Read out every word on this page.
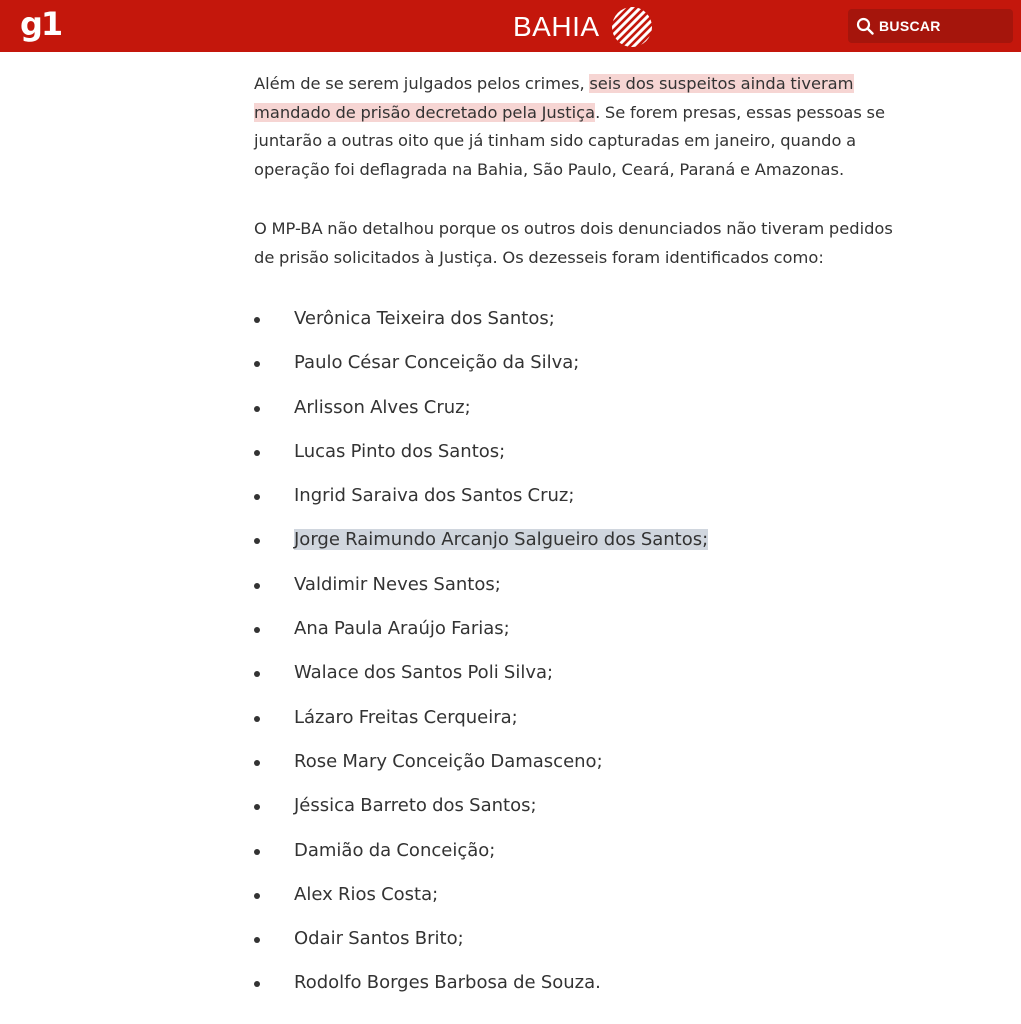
g1	BAHIA	BUSCAR

Além de se serem julgados pelos crimes, seis dos suspeitos ainda tiveram mandado de prisão decretado pela Justiça. Se forem presas, essas pessoas se juntarão a outras oito que já tinham sido capturadas em janeiro, quando a operação foi deflagrada na Bahia, São Paulo, Ceará, Paraná e Amazonas.

O MP-BA não detalhou porque os outros dois denunciados não tiveram pedidos de prisão solicitados à Justiça. Os dezesseis foram identificados como:

Verônica Teixeira dos Santos;
Paulo César Conceição da Silva;
Arlisson Alves Cruz;
Lucas Pinto dos Santos;
Ingrid Saraiva dos Santos Cruz;
Jorge Raimundo Arcanjo Salgueiro dos Santos;
Valdimir Neves Santos;
Ana Paula Araújo Farias;
Walace dos Santos Poli Silva;
Lázaro Freitas Cerqueira;
Rose Mary Conceição Damasceno;
Jéssica Barreto dos Santos;
Damião da Conceição;
Alex Rios Costa;
Odair Santos Brito;
Rodolfo Borges Barbosa de Souza.
